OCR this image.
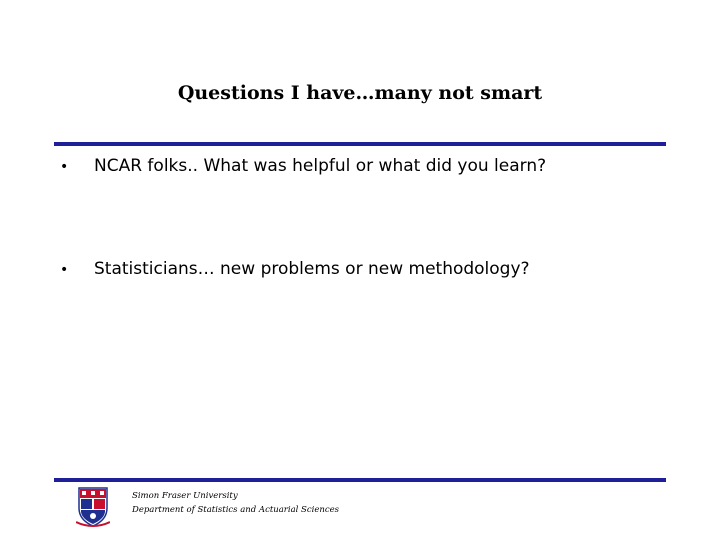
Questions I have…many not smart
•	NCAR folks.. What was helpful or what did you learn?
•	Statisticians… new problems or new methodology?
Simon Fraser University
Department of Statistics and Actuarial Sciences
